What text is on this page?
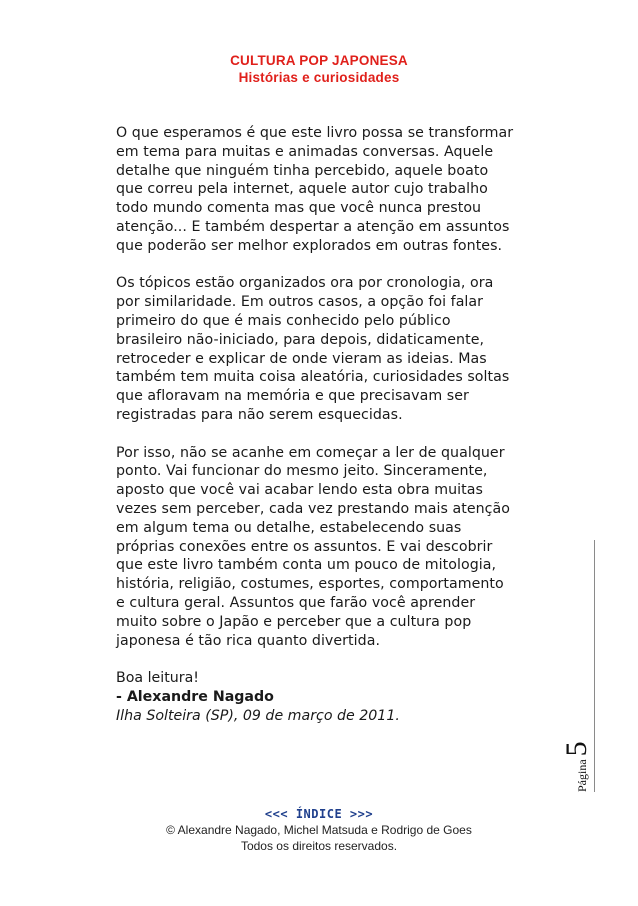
CULTURA POP JAPONESA
Histórias e curiosidades

O que esperamos é que este livro possa se transformar em tema para muitas e animadas conversas. Aquele detalhe que ninguém tinha percebido, aquele boato que correu pela internet, aquele autor cujo trabalho todo mundo comenta mas que você nunca prestou atenção... E também despertar a atenção em assuntos que poderão ser melhor explorados em outras fontes.

Os tópicos estão organizados ora por cronologia, ora por similaridade. Em outros casos, a opção foi falar primeiro do que é mais conhecido pelo público brasileiro não-iniciado, para depois, didaticamente, retroceder e explicar de onde vieram as ideias. Mas também tem muita coisa aleatória, curiosidades soltas que afloravam na memória e que precisavam ser registradas para não serem esquecidas.

Por isso, não se acanhe em começar a ler de qualquer ponto. Vai funcionar do mesmo jeito. Sinceramente, aposto que você vai acabar lendo esta obra muitas vezes sem perceber, cada vez prestando mais atenção em algum tema ou detalhe, estabelecendo suas próprias conexões entre os assuntos. E vai descobrir que este livro também conta um pouco de mitologia, história, religião, costumes, esportes, comportamento e cultura geral. Assuntos que farão você aprender muito sobre o Japão e perceber que a cultura pop japonesa é tão rica quanto divertida.

Boa leitura!
- Alexandre Nagado
Ilha Solteira (SP), 09 de março de 2011.
Página5
<<< ÍNDICE >>>
© Alexandre Nagado, Michel Matsuda e Rodrigo de Goes
Todos os direitos reservados.
